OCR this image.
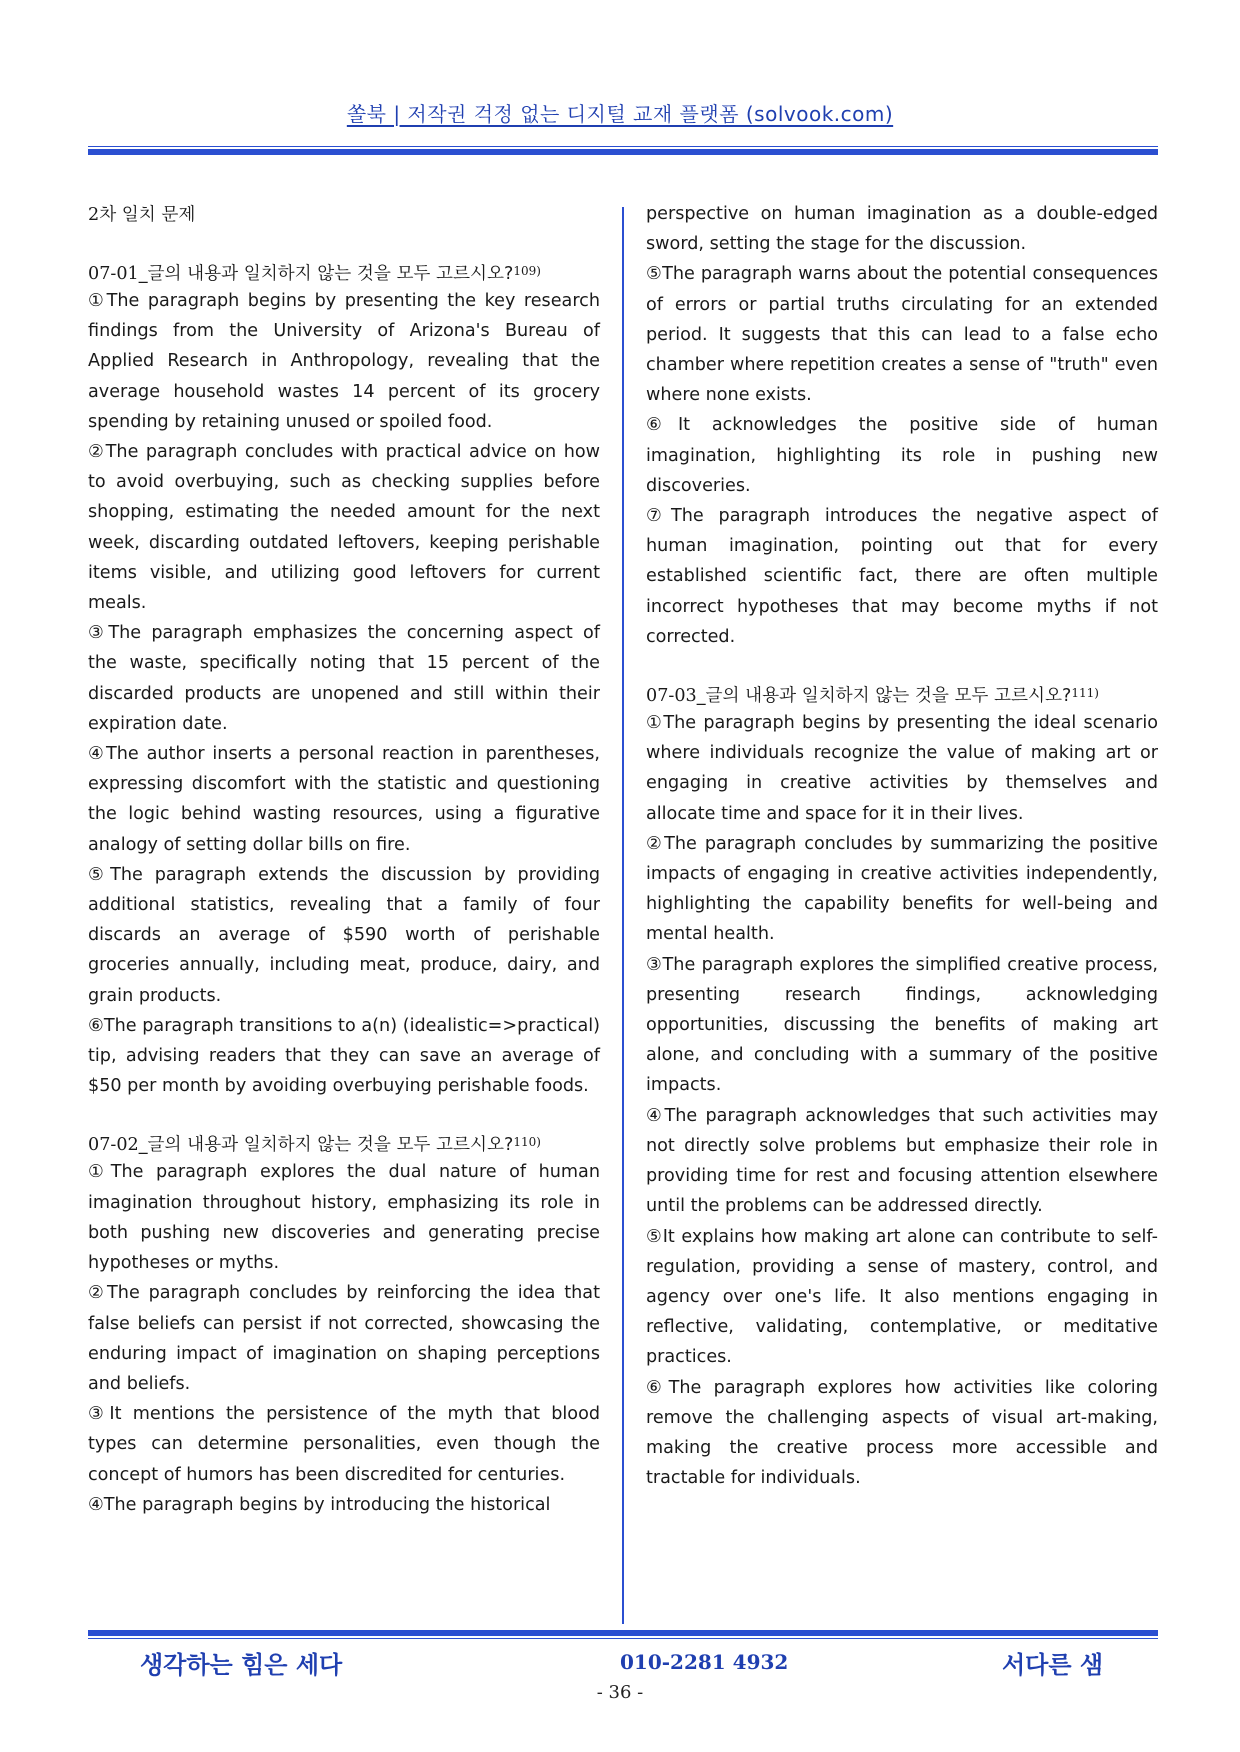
쏠북 | 저작권 걱정 없는 디지털 교재 플랫폼 (solvook.com)
2차 일치 문제
07-01_글의 내용과 일치하지 않는 것을 모두 고르시오?$^{109)}$
①The paragraph begins by presenting the key research findings from the University of Arizona's Bureau of Applied Research in Anthropology, revealing that the average household wastes 14 percent of its grocery spending by retaining unused or spoiled food.
②The paragraph concludes with practical advice on how to avoid overbuying, such as checking supplies before shopping, estimating the needed amount for the next week, discarding outdated leftovers, keeping perishable items visible, and utilizing good leftovers for current meals.
③The paragraph emphasizes the concerning aspect of the waste, specifically noting that 15 percent of the discarded products are unopened and still within their expiration date.
④The author inserts a personal reaction in parentheses, expressing discomfort with the statistic and questioning the logic behind wasting resources, using a figurative analogy of setting dollar bills on fire.
⑤The paragraph extends the discussion by providing additional statistics, revealing that a family of four discards an average of $590 worth of perishable groceries annually, including meat, produce, dairy, and grain products.
⑥The paragraph transitions to a(n) (idealistic=>practical) tip, advising readers that they can save an average of $50 per month by avoiding overbuying perishable foods.
07-02_글의 내용과 일치하지 않는 것을 모두 고르시오?$^{110)}$
①The paragraph explores the dual nature of human imagination throughout history, emphasizing its role in both pushing new discoveries and generating precise hypotheses or myths.
②The paragraph concludes by reinforcing the idea that false beliefs can persist if not corrected, showcasing the enduring impact of imagination on shaping perceptions and beliefs.
③It mentions the persistence of the myth that blood types can determine personalities, even though the concept of humors has been discredited for centuries.
④The paragraph begins by introducing the historical
perspective on human imagination as a double-edged sword, setting the stage for the discussion.
⑤The paragraph warns about the potential consequences of errors or partial truths circulating for an extended period. It suggests that this can lead to a false echo chamber where repetition creates a sense of "truth" even where none exists.
⑥It acknowledges the positive side of human imagination, highlighting its role in pushing new discoveries.
⑦The paragraph introduces the negative aspect of human imagination, pointing out that for every established scientific fact, there are often multiple incorrect hypotheses that may become myths if not corrected.
07-03_글의 내용과 일치하지 않는 것을 모두 고르시오?$^{111)}$
①The paragraph begins by presenting the ideal scenario where individuals recognize the value of making art or engaging in creative activities by themselves and allocate time and space for it in their lives.
②The paragraph concludes by summarizing the positive impacts of engaging in creative activities independently, highlighting the capability benefits for well-being and mental health.
③The paragraph explores the simplified creative process, presenting research findings, acknowledging opportunities, discussing the benefits of making art alone, and concluding with a summary of the positive impacts.
④The paragraph acknowledges that such activities may not directly solve problems but emphasize their role in providing time for rest and focusing attention elsewhere until the problems can be addressed directly.
⑤It explains how making art alone can contribute to self-regulation, providing a sense of mastery, control, and agency over one's life. It also mentions engaging in reflective, validating, contemplative, or meditative practices.
⑥The paragraph explores how activities like coloring remove the challenging aspects of visual art-making, making the creative process more accessible and tractable for individuals.
생각하는 힘은 세다	010-2281 4932	서다른 샘
- 36 -
